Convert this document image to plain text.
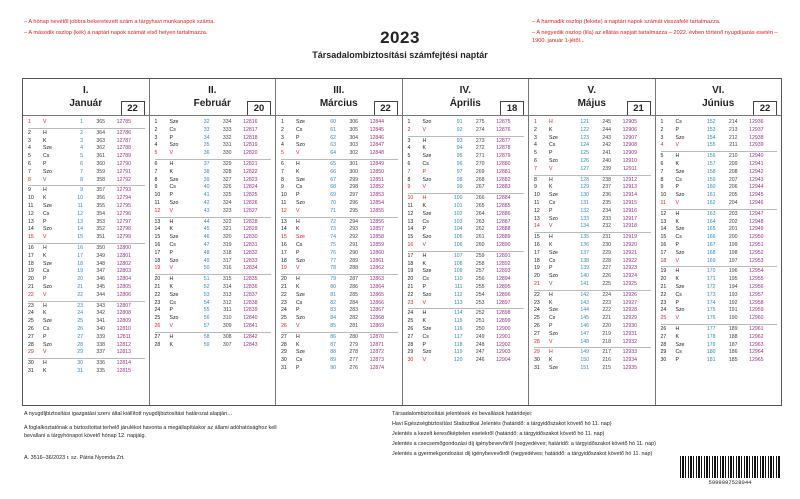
– A hónap nevétől jobbra bekeretezett szám a tárgyhavi munkanapok száma.
– A második oszlop (kék) a naptári napok számát első helyen tartalmazza.
– A harmadik oszlop (fekete) a naptári napok számát visszafelé tartalmazza.
– A negyedik oszlop (lila) az ellátás napjait tartalmazza – 2022. évben történő nyugdíjazás esetén – 1900. január 1-jétől...
2023
Társadalombiztosítási számfejtési naptár
I.
Január	22
1	V	1	365	12785
2	H	2	364	12786
3	K	3	363	12787
4	Sze	4	362	12788
5	Cs	5	361	12789
6	P	6	360	12790
7	Szo	7	359	12791
8	V	8	358	12792
9	H	9	357	12793
10	K	10	356	12794
11	Sze	11	355	12795
12	Cs	12	354	12796
13	P	13	353	12797
14	Szo	14	352	12798
15	V	15	351	12799
16	H	16	350	12800
17	K	17	349	12801
18	Sze	18	348	12802
19	Cs	19	347	12803
20	P	20	346	12804
21	Szo	21	345	12805
22	V	22	344	12806
23	H	23	343	12807
24	K	24	342	12808
25	Sze	25	341	12809
26	Cs	26	340	12810
27	P	27	339	12811
28	Szo	28	338	12812
29	V	29	337	12813
30	H	30	336	12814
31	K	31	335	12815
II.
Február	20
1	Sze	32	334	12816
2	Cs	33	333	12817
3	P	34	332	12818
4	Szo	35	331	12819
5	V	36	330	12820
6	H	37	329	12821
7	K	38	328	12822
8	Sze	39	327	12823
9	Cs	40	326	12824
10	P	41	325	12825
11	Szo	42	324	12826
12	V	43	323	12827
13	H	44	322	12828
14	K	45	321	12829
15	Sze	46	320	12830
16	Cs	47	319	12831
17	P	48	318	12832
18	Szo	49	317	12833
19	V	50	316	12834
20	H	51	315	12835
21	K	52	314	12836
22	Sze	53	313	12837
23	Cs	54	312	12838
24	P	55	311	12839
25	Szo	56	310	12840
26	V	57	309	12841
27	H	58	308	12842
28	K	59	307	12843
III.
Március	22
1	Sze	60	306	12844
2	Cs	61	305	12845
3	P	62	304	12846
4	Szo	63	303	12847
5	V	64	302	12848
6	H	65	301	12849
7	K	66	300	12850
8	Sze	67	299	12851
9	Cs	68	298	12852
10	P	69	297	12853
11	Szo	70	296	12854
12	V	71	295	12855
13	H	72	294	12856
14	K	73	293	12857
15	Sze	74	292	12858
16	Cs	75	291	12859
17	P	76	290	12860
18	Szo	77	289	12861
19	V	78	288	12862
20	H	79	287	12863
21	K	80	286	12864
22	Sze	81	285	12865
23	Cs	82	284	12866
24	P	83	283	12867
25	Szo	84	282	12868
26	V	85	281	12869
27	H	86	280	12870
28	K	87	279	12871
29	Sze	88	278	12872
30	Cs	89	277	12873
31	P	90	276	12874
IV.
Április	18
1	Szo	91	275	12875
2	V	92	274	12876
3	H	93	273	12877
4	K	94	272	12878
5	Sze	95	271	12879
6	Cs	96	270	12880
7	P	97	269	12881
8	Szo	98	268	12882
9	V	99	267	12883
10	H	100	266	12884
11	K	101	265	12885
12	Sze	102	264	12886
13	Cs	103	263	12887
14	P	104	262	12888
15	Szo	105	261	12889
16	V	106	260	12890
17	H	107	259	12891
18	K	108	258	12892
19	Sze	109	257	12893
20	Cs	110	256	12894
21	P	111	255	12895
22	Szo	112	254	12896
23	V	113	253	12897
24	H	114	252	12898
25	K	115	251	12899
26	Sze	116	250	12900
27	Cs	117	249	12901
28	P	118	248	12902
29	Szo	119	247	12903
30	V	120	246	12904
V.
Május	21
1	H	121	245	12905
2	K	122	244	12906
3	Sze	123	243	12907
4	Cs	124	242	12908
5	P	125	241	12909
6	Szo	126	240	12910
7	V	127	239	12911
8	H	128	238	12912
9	K	129	237	12913
10	Sze	130	236	12914
11	Cs	131	235	12915
12	P	132	234	12916
13	Szo	133	233	12917
14	V	134	232	12918
15	H	135	231	12919
16	K	136	230	12920
17	Sze	137	229	12921
18	Cs	138	228	12922
19	P	139	227	12923
20	Szo	140	226	12924
21	V	141	225	12925
22	H	142	224	12926
23	K	143	223	12927
24	Sze	144	222	12928
25	Cs	145	221	12929
26	P	146	220	12930
27	Szo	147	219	12931
28	V	148	218	12932
29	H	149	217	12933
30	K	150	216	12934
31	Sze	151	215	12935
VI.
Június	22
1	Cs	152	214	12936
2	P	153	213	12937
3	Szo	154	212	12938
4	V	155	211	12939
5	H	156	210	12940
6	K	157	209	12941
7	Sze	158	208	12942
8	Cs	159	207	12943
9	P	160	206	12944
10	Szo	161	205	12945
11	V	162	204	12946
12	H	163	203	12947
13	K	164	202	12948
14	Sze	165	201	12949
15	Cs	166	200	12950
16	P	167	199	12951
17	Szo	168	198	12952
18	V	169	197	12953
19	H	170	196	12954
20	K	171	195	12955
21	Sze	172	194	12956
22	Cs	173	193	12957
23	P	174	192	12958
24	Szo	175	191	12959
25	V	176	190	12960
26	H	177	189	12961
27	K	178	188	12962
28	Sze	179	187	12963
29	Cs	180	186	12964
30	P	181	185	12965
A nyugdíjbiztosítási igazgatási szerv által kiállított nyugdíjbiztosítási határozat alapján…
A foglalkoztatónak a biztosítottat terhelő járulékot havonta a megállapításkor az állami adóhatósághoz kell bevallani a tárgyhónapot követő hónap 12. napjáig.
A. 3516–36/2023 r. sz. Pátria Nyomda Zrt.
Társadalombiztosítási jelentések és bevallások határidejei:
Havi Egészségbiztosítási Statisztikai Jelentés (határidő: a tárgyidőszakot követő hó 11. nap)
Jelentés a kezelt keresőképtelen esetekről (határidő: a tárgyidőszakot követő hó 11. nap)
Jelentés a csecsemőgondozási díj igénybevevőiről (negyedéves; határidő: a tárgyidőszakot követő hó 11. nap)
Jelentés a gyermekgondozási díj igénybevevőiről (negyedéves; határidő: a tárgyidőszakot követő hó 11. nap)
5999097528044
